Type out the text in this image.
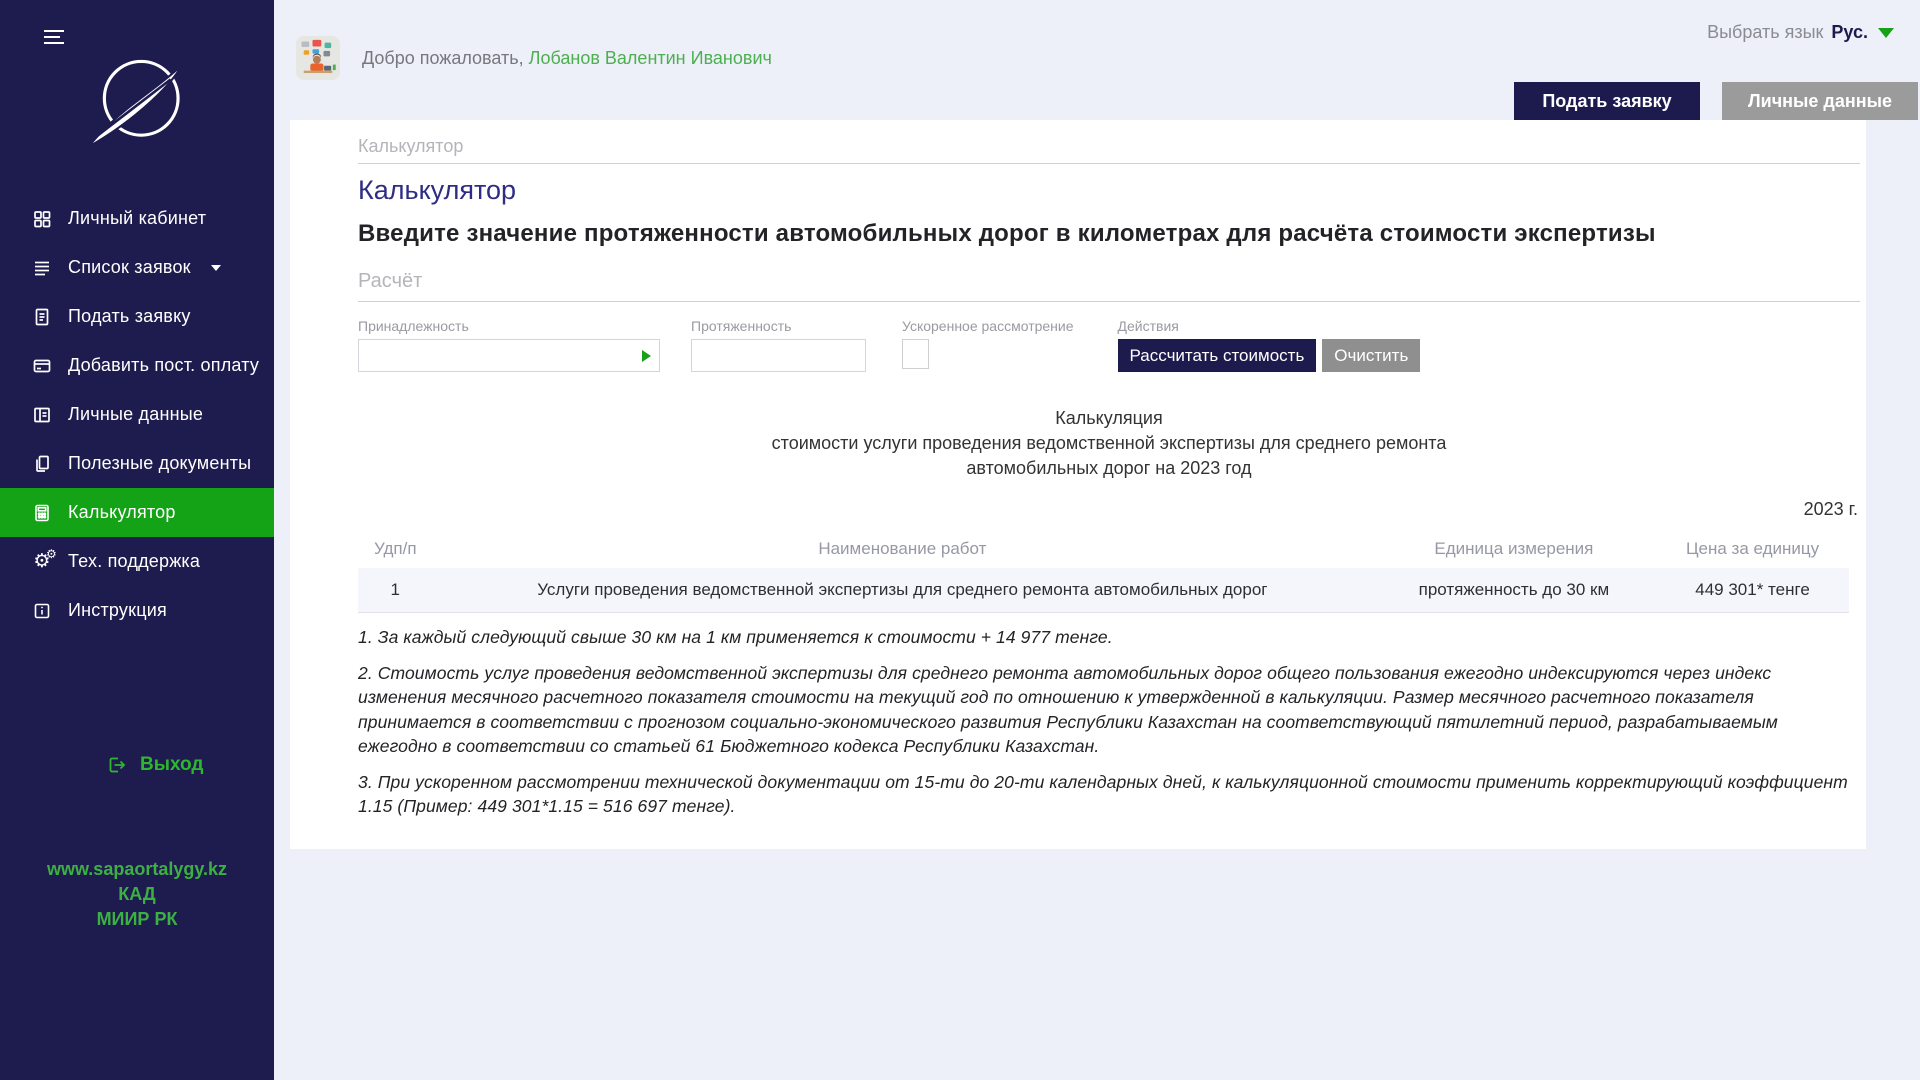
Личный кабинет
Список заявок
Подать заявку
Добавить пост. оплату
Личные данные
Полезные документы
Калькулятор
⚙
⚙ Тех. поддержка
Инструкция
Выход
www.sapaortalygy.kz
КАД
МИИР РК
Добро пожаловать, Лобанов Валентин Иванович
Выбрать язык Рус.
Подать заявку	Личные данные
Калькулятор
Калькулятор
Введите значение протяженности автомобильных дорог в километрах для расчёта стоимости экспертизы
Расчёт
Принадлежность	Протяженность	Ускоренное рассмотрение	Действия
Рассчитать стоимость	Очистить
Калькуляция
стоимости услуги проведения ведомственной экспертизы для среднего ремонта
автомобильных дорог на 2023 год
2023 г.
Удп/п	Наименование работ	Единица измерения	Цена за единицу
1	Услуги проведения ведомственной экспертизы для среднего ремонта автомобильных дорог	протяженность до 30 км	449 301* тенге

1. За каждый следующий свыше 30 км на 1 км применяется к стоимости + 14 977 тенге.

2. Стоимость услуг проведения ведомственной экспертизы для среднего ремонта автомобильных дорог общего пользования ежегодно индексируются через индекс изменения месячного расчетного показателя стоимости на текущий год по отношению к утвержденной в калькуляции. Размер месячного расчетного показателя принимается в соответствии с прогнозом социально-экономического развития Республики Казахстан на соответствующий пятилетний период, разрабатываемым ежегодно в соответствии со статьей 61 Бюджетного кодекса Республики Казахстан.

3. При ускоренном рассмотрении технической документации от 15-ти до 20-ти календарных дней, к калькуляционной стоимости применить корректирующий коэффициент 1.15 (Пример: 449 301*1.15 = 516 697 тенге).
